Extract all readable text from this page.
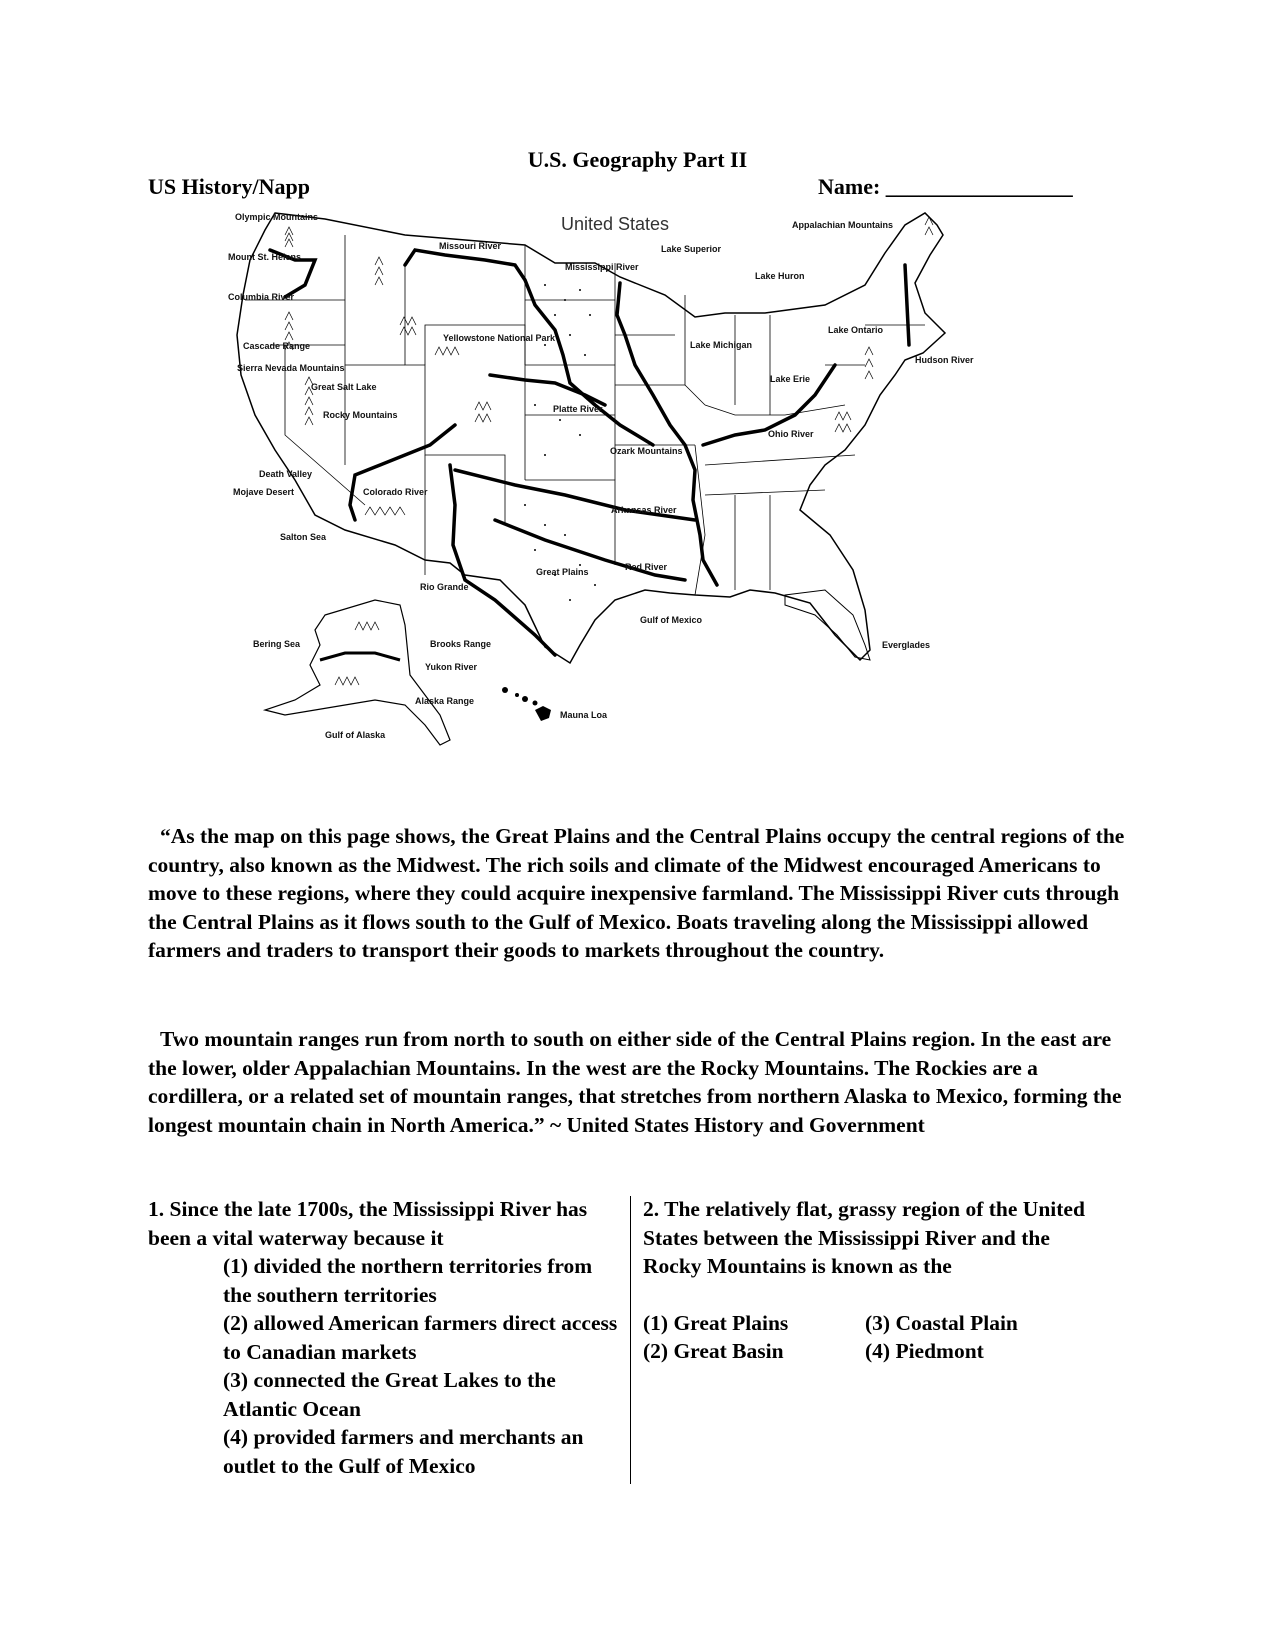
U.S. Geography Part II
US History/Napp	Name: _________________
United States
Olympic Mountains
Mount St. Helens
Columbia River
Cascade Range
Sierra Nevada Mountains
Great Salt Lake
Rocky Mountains
Death Valley
Mojave Desert	Colorado River
Salton Sea
Rio Grande
Missouri River
Mississippi River
Lake Superior
Appalachian Mountains
Lake Huron
Lake Ontario
Lake Michigan
Yellowstone National Park
Hudson River
Lake Erie
Platte River
Ohio River
Ozark Mountains
Arkansas River
Great Plains	Red River
Gulf of Mexico
Everglades
Bering Sea	Brooks Range
Yukon River
Alaska Range
Mauna Loa
Gulf of Alaska
“As the map on this page shows, the Great Plains and the Central Plains occupy the central regions of the country, also known as the Midwest. The rich soils and climate of the Midwest encouraged Americans to move to these regions, where they could acquire inexpensive farmland. The Mississippi River cuts through the Central Plains as it flows south to the Gulf of Mexico. Boats traveling along the Mississippi allowed farmers and traders to transport their goods to markets throughout the country.
Two mountain ranges run from north to south on either side of the Central Plains region. In the east are the lower, older Appalachian Mountains. In the west are the Rocky Mountains. The Rockies are a cordillera, or a related set of mountain ranges, that stretches from northern Alaska to Mexico, forming the longest mountain chain in North America.” ~ United States History and Government
1. Since the late 1700s, the Mississippi River has been a vital waterway because it
(1) divided the northern territories from the southern territories
(2) allowed American farmers direct access to Canadian markets
(3) connected the Great Lakes to the Atlantic Ocean
(4) provided farmers and merchants an outlet to the Gulf of Mexico
2. The relatively flat, grassy region of the United States between the Mississippi River and the Rocky Mountains is known as the
(1) Great Plains	(3) Coastal Plain
(2) Great Basin	(4) Piedmont
